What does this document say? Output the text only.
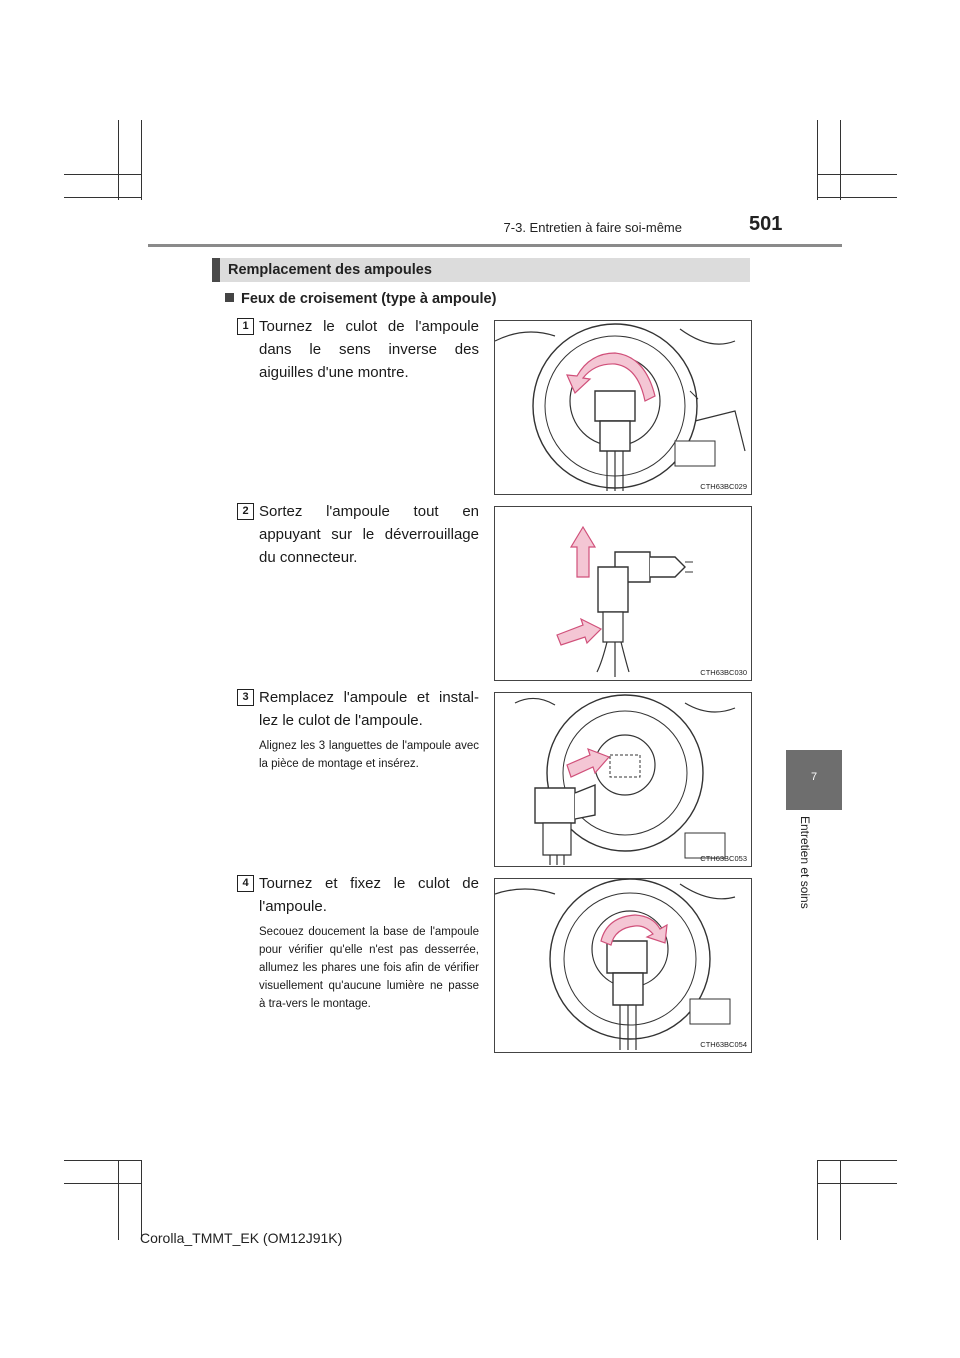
7-3. Entretien à faire soi-même	501
7
Entretien et soins
Remplacement des ampoules
Feux de croisement (type à ampoule)
1 Tournez le culot de l'ampoule dans le sens inverse des aiguilles d'une montre.
CTH63BC029
2 Sortez l'ampoule tout en appuyant sur le déverrouillage du connecteur.
CTH63BC030
3 Remplacez l'ampoule et instal-lez le culot de l'ampoule.
Alignez les 3 languettes de l'ampoule avec la pièce de montage et insérez.
CTH63BC053
4 Tournez et fixez le culot de l'ampoule.
Secouez doucement la base de l'ampoule pour vérifier qu'elle n'est pas desserrée, allumez les phares une fois afin de vérifier visuellement qu'aucune lumière ne passe à tra-vers le montage.
CTH63BC054
Corolla_TMMT_EK (OM12J91K)
